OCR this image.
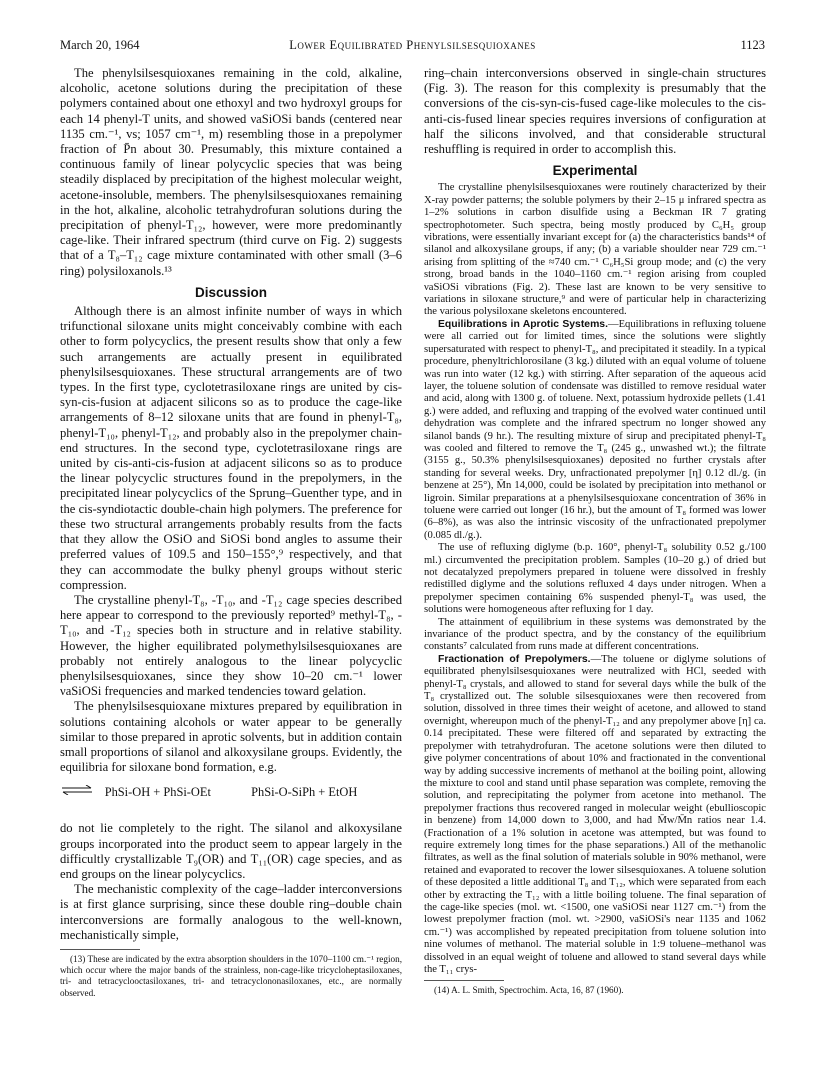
March 20, 1964	Lower Equilibrated Phenylsilsesquioxanes	1123

The phenylsilsesquioxanes remaining in the cold, alkaline, alcoholic, acetone solutions during the precipitation of these polymers contained about one ethoxyl and two hydroxyl groups for each 14 phenyl-T units, and showed νaSiOSi bands (centered near 1135 cm.⁻¹, vs; 1057 cm⁻¹, m) resembling those in a prepolymer fraction of P̄n about 30. Presumably, this mixture contained a continuous family of linear polycyclic species that was being steadily displaced by precipitation of the highest molecular weight, acetone-insoluble, members. The phenylsilsesquioxanes remaining in the hot, alkaline, alcoholic tetrahydrofuran solutions during the precipitation of phenyl-T₁₂, however, were more predominantly cage-like. Their infrared spectrum (third curve on Fig. 2) suggests that of a T₈–T₁₂ cage mixture contaminated with other small (3–6 ring) polysiloxanols.¹³

Discussion

Although there is an almost infinite number of ways in which trifunctional siloxane units might conceivably combine with each other to form polycyclics, the present results show that only a few such arrangements are actually present in equilibrated phenylsilsesquioxanes. These structural arrangements are of two types. In the first type, cyclotetrasiloxane rings are united by cis-syn-cis-fusion at adjacent silicons so as to produce the cage-like arrangements of 8–12 siloxane units that are found in phenyl-T₈, phenyl-T₁₀, phenyl-T₁₂, and probably also in the prepolymer chain-end structures. In the second type, cyclotetrasiloxane rings are united by cis-anti-cis-fusion at adjacent silicons so as to produce the linear polycyclic structures found in the prepolymers, in the precipitated linear polycyclics of the Sprung–Guenther type, and in the cis-syndiotactic double-chain high polymers. The preference for these two structural arrangements probably results from the facts that they allow the OSiO and SiOSi bond angles to assume their preferred values of 109.5 and 150–155°,⁹ respectively, and that they can accommodate the bulky phenyl groups without steric compression.

The crystalline phenyl-T₈, -T₁₀, and -T₁₂ cage species described here appear to correspond to the previously reported⁹ methyl-T₈, -T₁₀, and -T₁₂ species both in structure and in relative stability. However, the higher equilibrated polymethylsilsesquioxanes are probably not entirely analogous to the linear polycyclic phenylsilsesquioxanes, since they show 10–20 cm.⁻¹ lower νaSiOSi frequencies and marked tendencies toward gelation.

The phenylsilsesquioxane mixtures prepared by equilibration in solutions containing alcohols or water appear to be generally similar to those prepared in aprotic solvents, but in addition contain small proportions of silanol and alkoxysilane groups. Evidently, the equilibria for siloxane bond formation, e.g.

PhSi-OH + PhSi-OEt	PhSi-O-SiPh + EtOH

do not lie completely to the right. The silanol and alkoxysilane groups incorporated into the product seem to appear largely in the difficultly crystallizable T₉(OR) and T₁₁(OR) cage species, and as end groups on the linear polycyclics.

The mechanistic complexity of the cage–ladder interconversions is at first glance surprising, since these double ring–double chain interconversions are formally analogous to the well-known, mechanistically simple,

(13) These are indicated by the extra absorption shoulders in the 1070–1100 cm.⁻¹ region, which occur where the major bands of the strainless, non-cage-like tricycloheptasiloxanes, tri- and tetracyclooctasiloxanes, tri- and tetracyclononasiloxanes, etc., are normally observed.

ring–chain interconversions observed in single-chain structures (Fig. 3). The reason for this complexity is presumably that the conversions of the cis-syn-cis-fused cage-like molecules to the cis-anti-cis-fused linear species requires inversions of configuration at half the silicons involved, and that considerable structural reshuffling is required in order to accomplish this.

Experimental

The crystalline phenylsilsesquioxanes were routinely characterized by their X-ray powder patterns; the soluble polymers by their 2–15 μ infrared spectra as 1–2% solutions in carbon disulfide using a Beckman IR 7 grating spectrophotometer. Such spectra, being mostly produced by C₆H₅ group vibrations, were essentially invariant except for (a) the characteristics bands¹⁴ of silanol and alkoxysilane groups, if any; (b) a variable shoulder near 729 cm.⁻¹ arising from splitting of the ≈740 cm.⁻¹ C₆H₅Si group mode; and (c) the very strong, broad bands in the 1040–1160 cm.⁻¹ region arising from coupled νaSiOSi vibrations (Fig. 2). These last are known to be very sensitive to variations in siloxane structure,⁹ and were of particular help in characterizing the various polysiloxane skeletons encountered.

Equilibrations in Aprotic Systems.—Equilibrations in refluxing toluene were all carried out for limited times, since the solutions were slightly supersaturated with respect to phenyl-T₈, and precipitated it steadily. In a typical procedure, phenyltrichlorosilane (3 kg.) diluted with an equal volume of toluene was run into water (12 kg.) with stirring. After separation of the aqueous acid layer, the toluene solution of condensate was distilled to remove residual water and acid, along with 1300 g. of toluene. Next, potassium hydroxide pellets (1.41 g.) were added, and refluxing and trapping of the evolved water continued until dehydration was complete and the infrared spectrum no longer showed any silanol bands (9 hr.). The resulting mixture of sirup and precipitated phenyl-T₈ was cooled and filtered to remove the T₈ (245 g., unwashed wt.); the filtrate (3155 g., 50.3% phenylsilsesquioxanes) deposited no further crystals after standing for several weeks. Dry, unfractionated prepolymer [η] 0.12 dl./g. (in benzene at 25°), M̄n 14,000, could be isolated by precipitation into methanol or ligroin. Similar preparations at a phenylsilsesquioxane concentration of 36% in toluene were carried out longer (16 hr.), but the amount of T₈ formed was lower (6–8%), as was also the intrinsic viscosity of the unfractionated prepolymer (0.085 dl./g.).

The use of refluxing diglyme (b.p. 160°, phenyl-T₈ solubility 0.52 g./100 ml.) circumvented the precipitation problem. Samples (10–20 g.) of dried but not decatalyzed prepolymers prepared in toluene were dissolved in freshly redistilled diglyme and the solutions refluxed 4 days under nitrogen. When a prepolymer specimen containing 6% suspended phenyl-T₈ was used, the solutions were homogeneous after refluxing for 1 day.

The attainment of equilibrium in these systems was demonstrated by the invariance of the product spectra, and by the constancy of the equilibrium constants⁷ calculated from runs made at different concentrations.

Fractionation of Prepolymers.—The toluene or diglyme solutions of equilibrated phenylsilsesquioxanes were neutralized with HCl, seeded with phenyl-T₈ crystals, and allowed to stand for several days while the bulk of the T₈ crystallized out. The soluble silsesquioxanes were then recovered from solution, dissolved in three times their weight of acetone, and allowed to stand overnight, whereupon much of the phenyl-T₁₂ and any prepolymer above [η] ca. 0.14 precipitated. These were filtered off and separated by extracting the prepolymer with tetrahydrofuran. The acetone solutions were then diluted to give polymer concentrations of about 10% and fractionated in the conventional way by adding successive increments of methanol at the boiling point, allowing the mixture to cool and stand until phase separation was complete, removing the solution, and reprecipitating the polymer from acetone into methanol. The prepolymer fractions thus recovered ranged in molecular weight (ebullioscopic in benzene) from 14,000 down to 3,000, and had M̄w/M̄n ratios near 1.4. (Fractionation of a 1% solution in acetone was attempted, but was found to require extremely long times for the phase separations.) All of the methanolic filtrates, as well as the final solution of materials soluble in 90% methanol, were retained and evaporated to recover the lower silsesquioxanes. A toluene solution of these deposited a little additional T₈ and T₁₂, which were separated from each other by extracting the T₁₂ with a little boiling toluene. The final separation of the cage-like species (mol. wt. <1500, one νaSiOSi near 1127 cm.⁻¹) from the lowest prepolymer fraction (mol. wt. >2900, νaSiOSi's near 1135 and 1062 cm.⁻¹) was accomplished by repeated precipitation from toluene solution into nine volumes of methanol. The material soluble in 1:9 toluene–methanol was dissolved in an equal weight of toluene and allowed to stand several days while the T₁₁ crys-

(14) A. L. Smith, Spectrochim. Acta, 16, 87 (1960).
